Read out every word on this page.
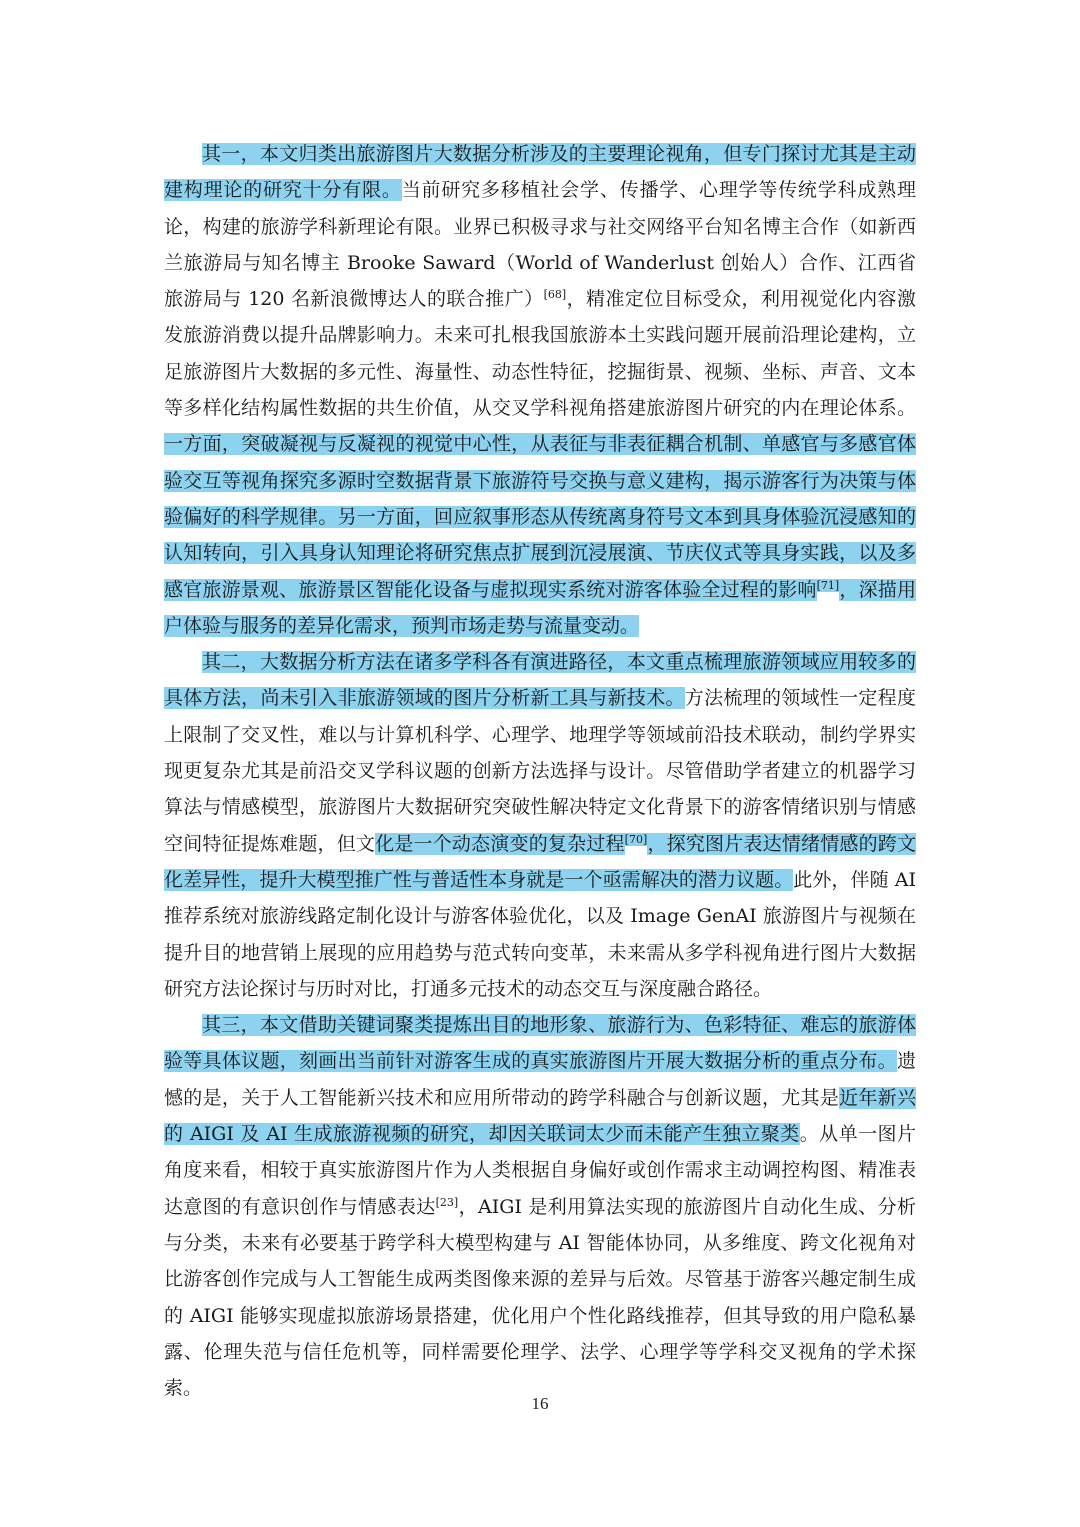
其一，本文归类出旅游图片大数据分析涉及的主要理论视角，但专门探讨尤其是主动建构理论的研究十分有限。当前研究多移植社会学、传播学、心理学等传统学科成熟理论，构建的旅游学科新理论有限。业界已积极寻求与社交网络平台知名博主合作（如新西兰旅游局与知名博主 Brooke Saward（World of Wanderlust 创始人）合作、江西省旅游局与 120 名新浪微博达人的联合推广）[68]，精准定位目标受众，利用视觉化内容激发旅游消费以提升品牌影响力。未来可扎根我国旅游本土实践问题开展前沿理论建构，立足旅游图片大数据的多元性、海量性、动态性特征，挖掘街景、视频、坐标、声音、文本等多样化结构属性数据的共生价值，从交叉学科视角搭建旅游图片研究的内在理论体系。一方面，突破凝视与反凝视的视觉中心性，从表征与非表征耦合机制、单感官与多感官体验交互等视角探究多源时空数据背景下旅游符号交换与意义建构，揭示游客行为决策与体验偏好的科学规律。另一方面，回应叙事形态从传统离身符号文本到具身体验沉浸感知的认知转向，引入具身认知理论将研究焦点扩展到沉浸展演、节庆仪式等具身实践，以及多感官旅游景观、旅游景区智能化设备与虚拟现实系统对游客体验全过程的影响[71]，深描用户体验与服务的差异化需求，预判市场走势与流量变动。

其二，大数据分析方法在诸多学科各有演进路径，本文重点梳理旅游领域应用较多的具体方法，尚未引入非旅游领域的图片分析新工具与新技术。方法梳理的领域性一定程度上限制了交叉性，难以与计算机科学、心理学、地理学等领域前沿技术联动，制约学界实现更复杂尤其是前沿交叉学科议题的创新方法选择与设计。尽管借助学者建立的机器学习算法与情感模型，旅游图片大数据研究突破性解决特定文化背景下的游客情绪识别与情感空间特征提炼难题，但文化是一个动态演变的复杂过程[70]，探究图片表达情绪情感的跨文化差异性，提升大模型推广性与普适性本身就是一个亟需解决的潜力议题。此外，伴随 AI 推荐系统对旅游线路定制化设计与游客体验优化，以及 Image GenAI 旅游图片与视频在提升目的地营销上展现的应用趋势与范式转向变革，未来需从多学科视角进行图片大数据研究方法论探讨与历时对比，打通多元技术的动态交互与深度融合路径。

其三，本文借助关键词聚类提炼出目的地形象、旅游行为、色彩特征、难忘的旅游体验等具体议题，刻画出当前针对游客生成的真实旅游图片开展大数据分析的重点分布。遗憾的是，关于人工智能新兴技术和应用所带动的跨学科融合与创新议题，尤其是近年新兴的 AIGI 及 AI 生成旅游视频的研究，却因关联词太少而未能产生独立聚类。从单一图片角度来看，相较于真实旅游图片作为人类根据自身偏好或创作需求主动调控构图、精准表达意图的有意识创作与情感表达[23]，AIGI 是利用算法实现的旅游图片自动化生成、分析与分类，未来有必要基于跨学科大模型构建与 AI 智能体协同，从多维度、跨文化视角对比游客创作完成与人工智能生成两类图像来源的差异与后效。尽管基于游客兴趣定制生成的 AIGI 能够实现虚拟旅游场景搭建，优化用户个性化路线推荐，但其导致的用户隐私暴露、伦理失范与信任危机等，同样需要伦理学、法学、心理学等学科交叉视角的学术探索。

16
